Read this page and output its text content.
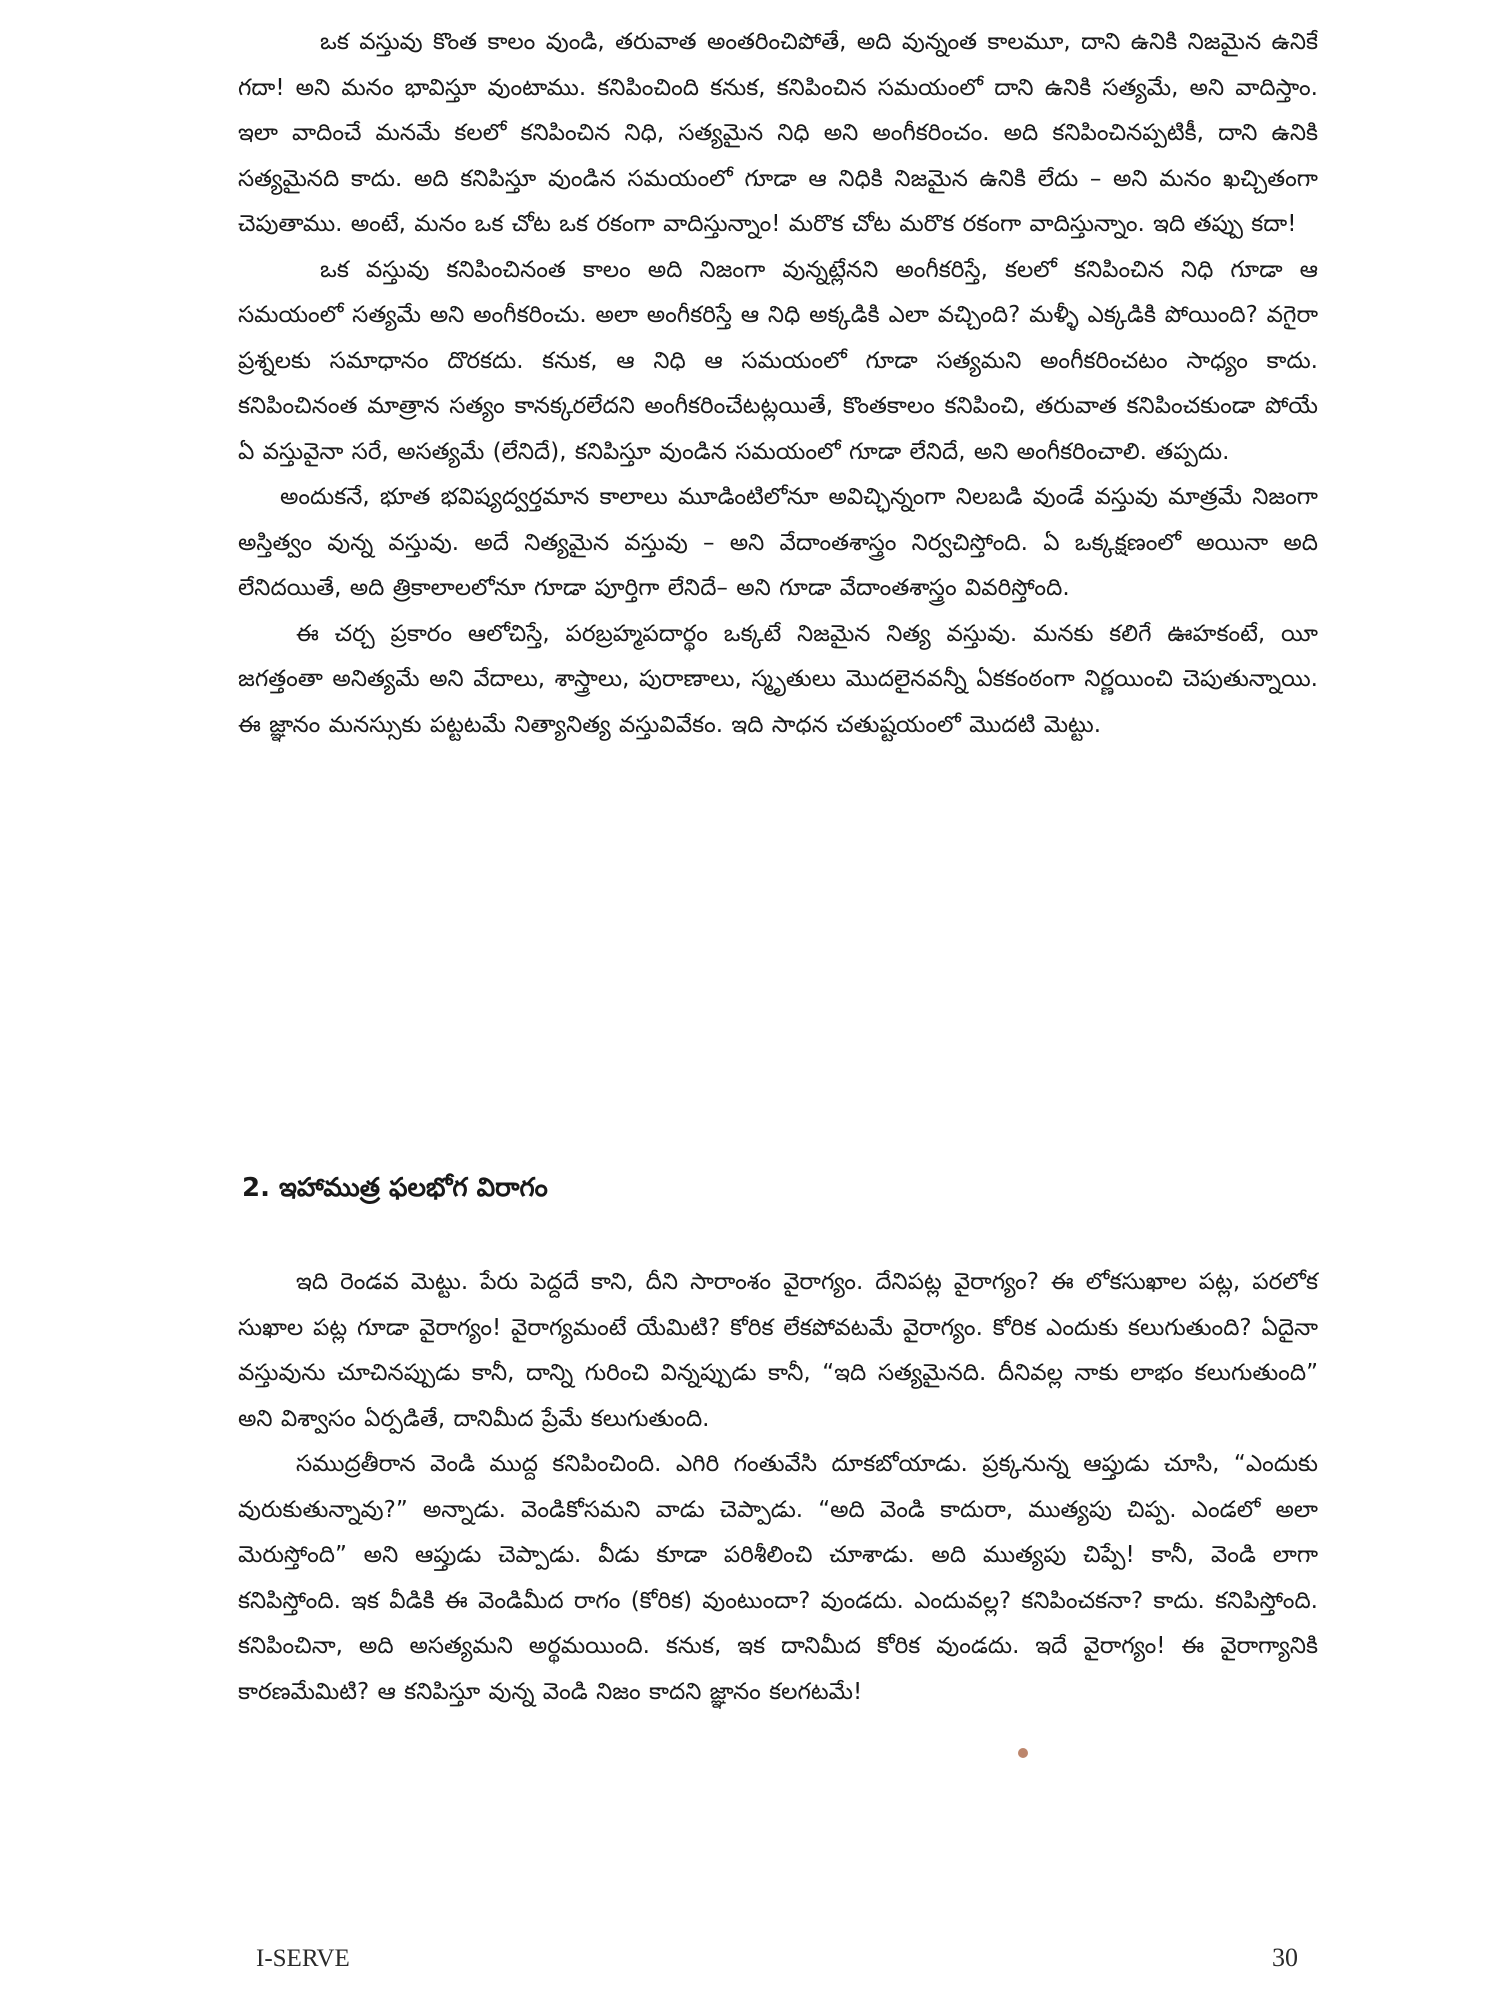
ఒక వస్తువు కొంత కాలం వుండి, తరువాత అంతరించిపోతే, అది వున్నంత కాలమూ, దాని ఉనికి నిజమైన ఉనికే గదా! అని మనం భావిస్తూ వుంటాము. కనిపించింది కనుక, కనిపించిన సమయంలో దాని ఉనికి సత్యమే, అని వాదిస్తాం. ఇలా వాదించే మనమే కలలో కనిపించిన నిధి, సత్యమైన నిధి అని అంగీకరించం. అది కనిపించినప్పటికీ, దాని ఉనికి సత్యమైనది కాదు. అది కనిపిస్తూ వుండిన సమయంలో గూడా ఆ నిధికి నిజమైన ఉనికి లేదు – అని మనం ఖచ్చితంగా చెపుతాము. అంటే, మనం ఒక చోట ఒక రకంగా వాదిస్తున్నాం! మరొక చోట మరొక రకంగా వాదిస్తున్నాం. ఇది తప్పు కదా!

ఒక వస్తువు కనిపించినంత కాలం అది నిజంగా వున్నట్లేనని అంగీకరిస్తే, కలలో కనిపించిన నిధి గూడా ఆ సమయంలో సత్యమే అని అంగీకరించు. అలా అంగీకరిస్తే ఆ నిధి అక్కడికి ఎలా వచ్చింది? మళ్ళీ ఎక్కడికి పోయింది? వగైరా ప్రశ్నలకు సమాధానం దొరకదు. కనుక, ఆ నిధి ఆ సమయంలో గూడా సత్యమని అంగీకరించటం సాధ్యం కాదు. కనిపించినంత మాత్రాన సత్యం కానక్కరలేదని అంగీకరించేటట్లయితే, కొంతకాలం కనిపించి, తరువాత కనిపించకుండా పోయే ఏ వస్తువైనా సరే, అసత్యమే (లేనిదే), కనిపిస్తూ వుండిన సమయంలో గూడా లేనిదే, అని అంగీకరించాలి. తప్పదు.

అందుకనే, భూత భవిష్యద్వర్తమాన కాలాలు మూడింటిలోనూ అవిచ్ఛిన్నంగా నిలబడి వుండే వస్తువు మాత్రమే నిజంగా అస్తిత్వం వున్న వస్తువు. అదే నిత్యమైన వస్తువు – అని వేదాంతశాస్త్రం నిర్వచిస్తోంది. ఏ ఒక్కక్షణంలో అయినా అది లేనిదయితే, అది త్రికాలాలలోనూ గూడా పూర్తిగా లేనిదే– అని గూడా వేదాంతశాస్త్రం వివరిస్తోంది.

ఈ చర్చ ప్రకారం ఆలోచిస్తే, పరబ్రహ్మపదార్థం ఒక్కటే నిజమైన నిత్య వస్తువు. మనకు కలిగే ఊహకంటే, యీ జగత్తంతా అనిత్యమే అని వేదాలు, శాస్త్రాలు, పురాణాలు, స్మృతులు మొదలైనవన్నీ ఏకకంఠంగా నిర్ణయించి చెపుతున్నాయి. ఈ జ్ఞానం మనస్సుకు పట్టటమే నిత్యానిత్య వస్తువివేకం. ఇది సాధన చతుష్టయంలో మొదటి మెట్టు.

2. ఇహాముత్ర ఫలభోగ విరాగం

ఇది రెండవ మెట్టు. పేరు పెద్దదే కాని, దీని సారాంశం వైరాగ్యం. దేనిపట్ల వైరాగ్యం? ఈ లోకసుఖాల పట్ల, పరలోక సుఖాల పట్ల గూడా వైరాగ్యం! వైరాగ్యమంటే యేమిటి? కోరిక లేకపోవటమే వైరాగ్యం. కోరిక ఎందుకు కలుగుతుంది? ఏదైనా వస్తువును చూచినప్పుడు కానీ, దాన్ని గురించి విన్నప్పుడు కానీ, “ఇది సత్యమైనది. దీనివల్ల నాకు లాభం కలుగుతుంది” అని విశ్వాసం ఏర్పడితే, దానిమీద ప్రేమే కలుగుతుంది.

సముద్రతీరాన వెండి ముద్ద కనిపించింది. ఎగిరి గంతువేసి దూకబోయాడు. ప్రక్కనున్న ఆప్తుడు చూసి, “ఎందుకు వురుకుతున్నావు?” అన్నాడు. వెండికోసమని వాడు చెప్పాడు. “అది వెండి కాదురా, ముత్యపు చిప్ప. ఎండలో అలా మెరుస్తోంది” అని ఆప్తుడు చెప్పాడు. వీడు కూడా పరిశీలించి చూశాడు. అది ముత్యపు చిప్పే! కానీ, వెండి లాగా కనిపిస్తోంది. ఇక వీడికి ఈ వెండిమీద రాగం (కోరిక) వుంటుందా? వుండదు. ఎందువల్ల? కనిపించకనా? కాదు. కనిపిస్తోంది. కనిపించినా, అది అసత్యమని అర్థమయింది. కనుక, ఇక దానిమీద కోరిక వుండదు. ఇదే వైరాగ్యం! ఈ వైరాగ్యానికి కారణమేమిటి? ఆ కనిపిస్తూ వున్న వెండి నిజం కాదని జ్ఞానం కలగటమే!

I-SERVE	30
